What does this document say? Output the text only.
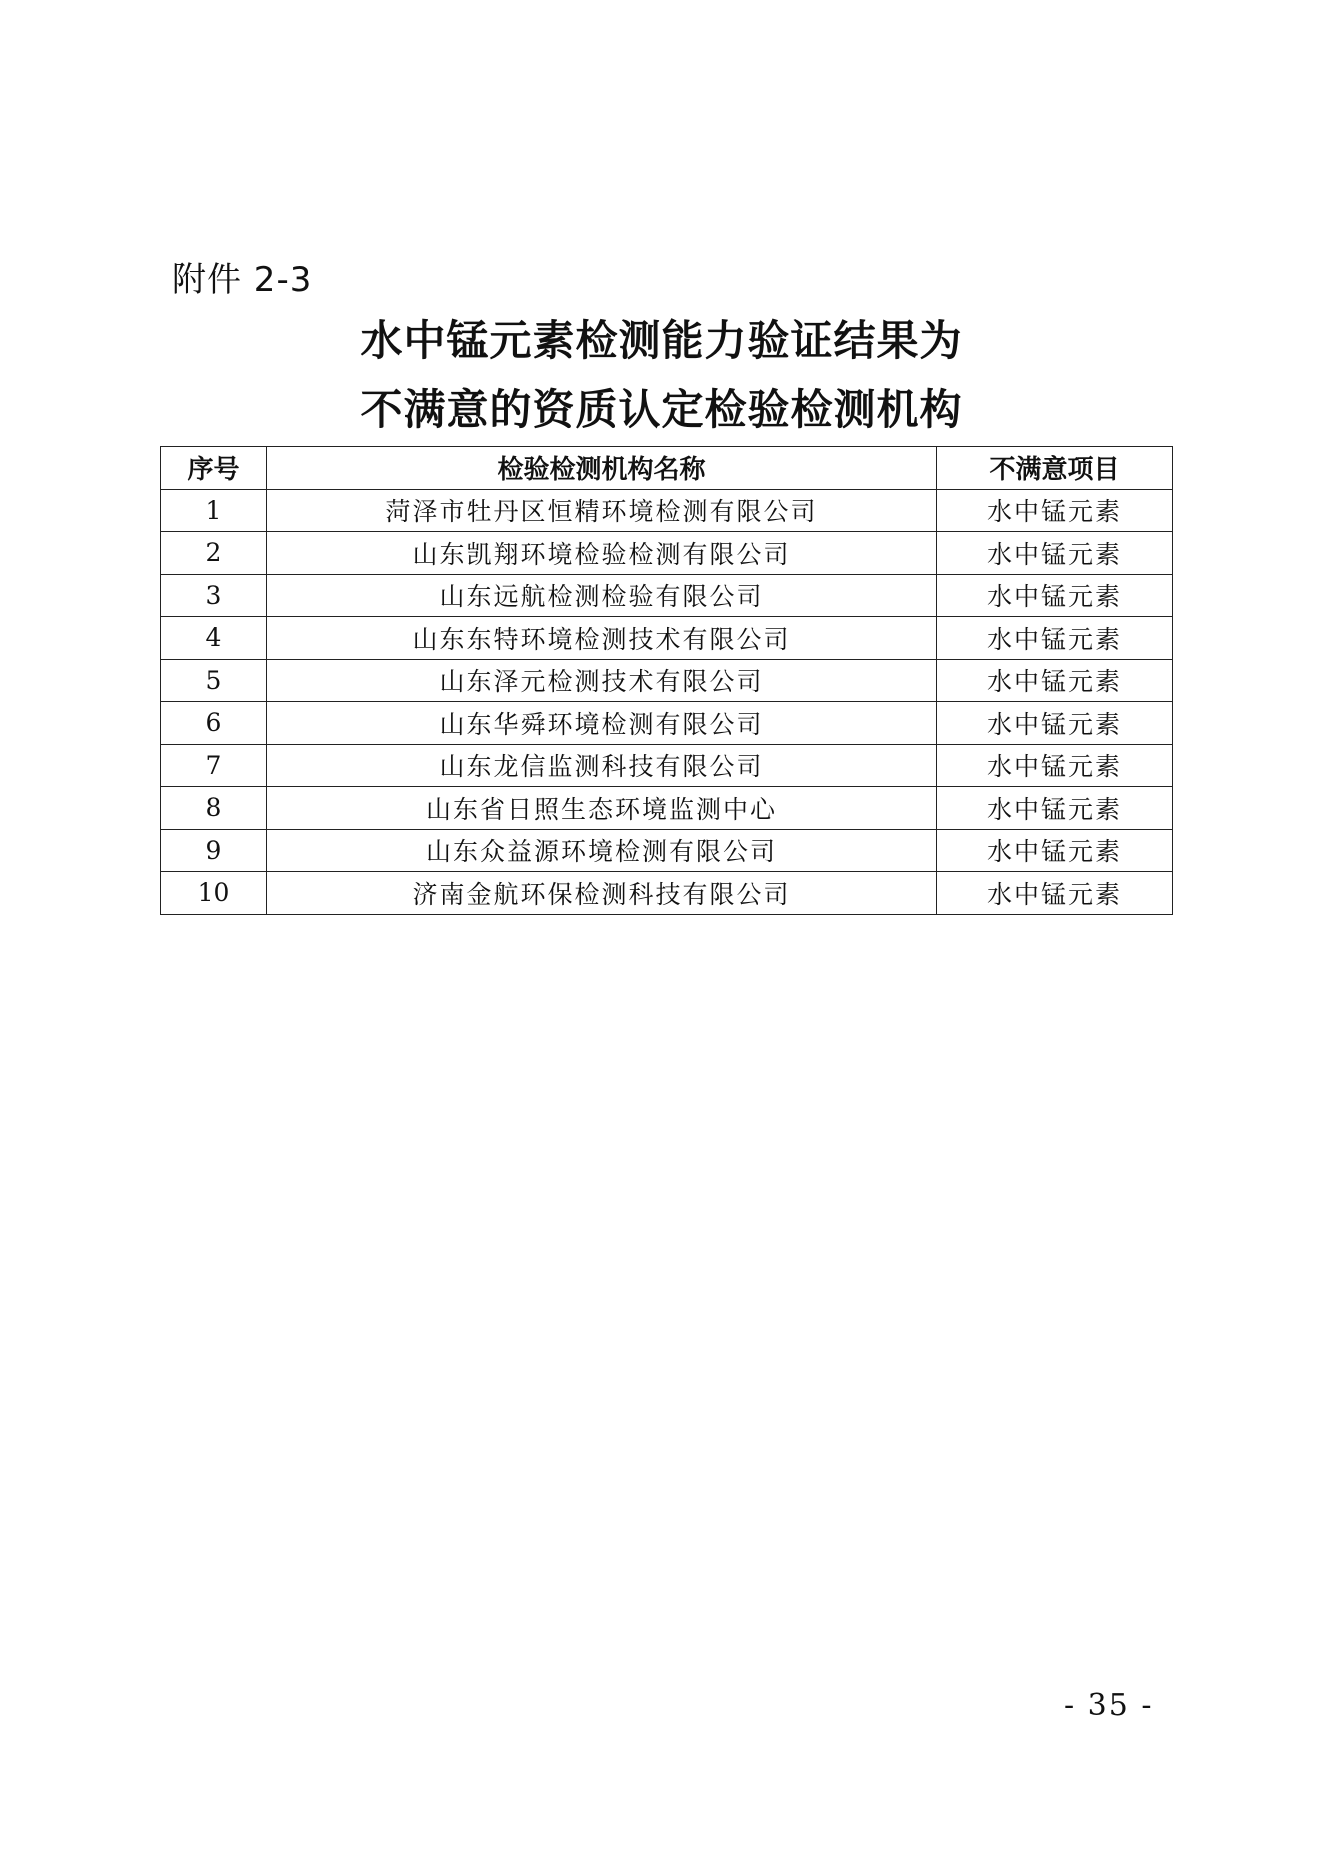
附件 2-3
水中锰元素检测能力验证结果为
不满意的资质认定检验检测机构
序号	检验检测机构名称	不满意项目
1	菏泽市牡丹区恒精环境检测有限公司	水中锰元素
2	山东凯翔环境检验检测有限公司	水中锰元素
3	山东远航检测检验有限公司	水中锰元素
4	山东东特环境检测技术有限公司	水中锰元素
5	山东泽元检测技术有限公司	水中锰元素
6	山东华舜环境检测有限公司	水中锰元素
7	山东龙信监测科技有限公司	水中锰元素
8	山东省日照生态环境监测中心	水中锰元素
9	山东众益源环境检测有限公司	水中锰元素
10	济南金航环保检测科技有限公司	水中锰元素
- 35 -
